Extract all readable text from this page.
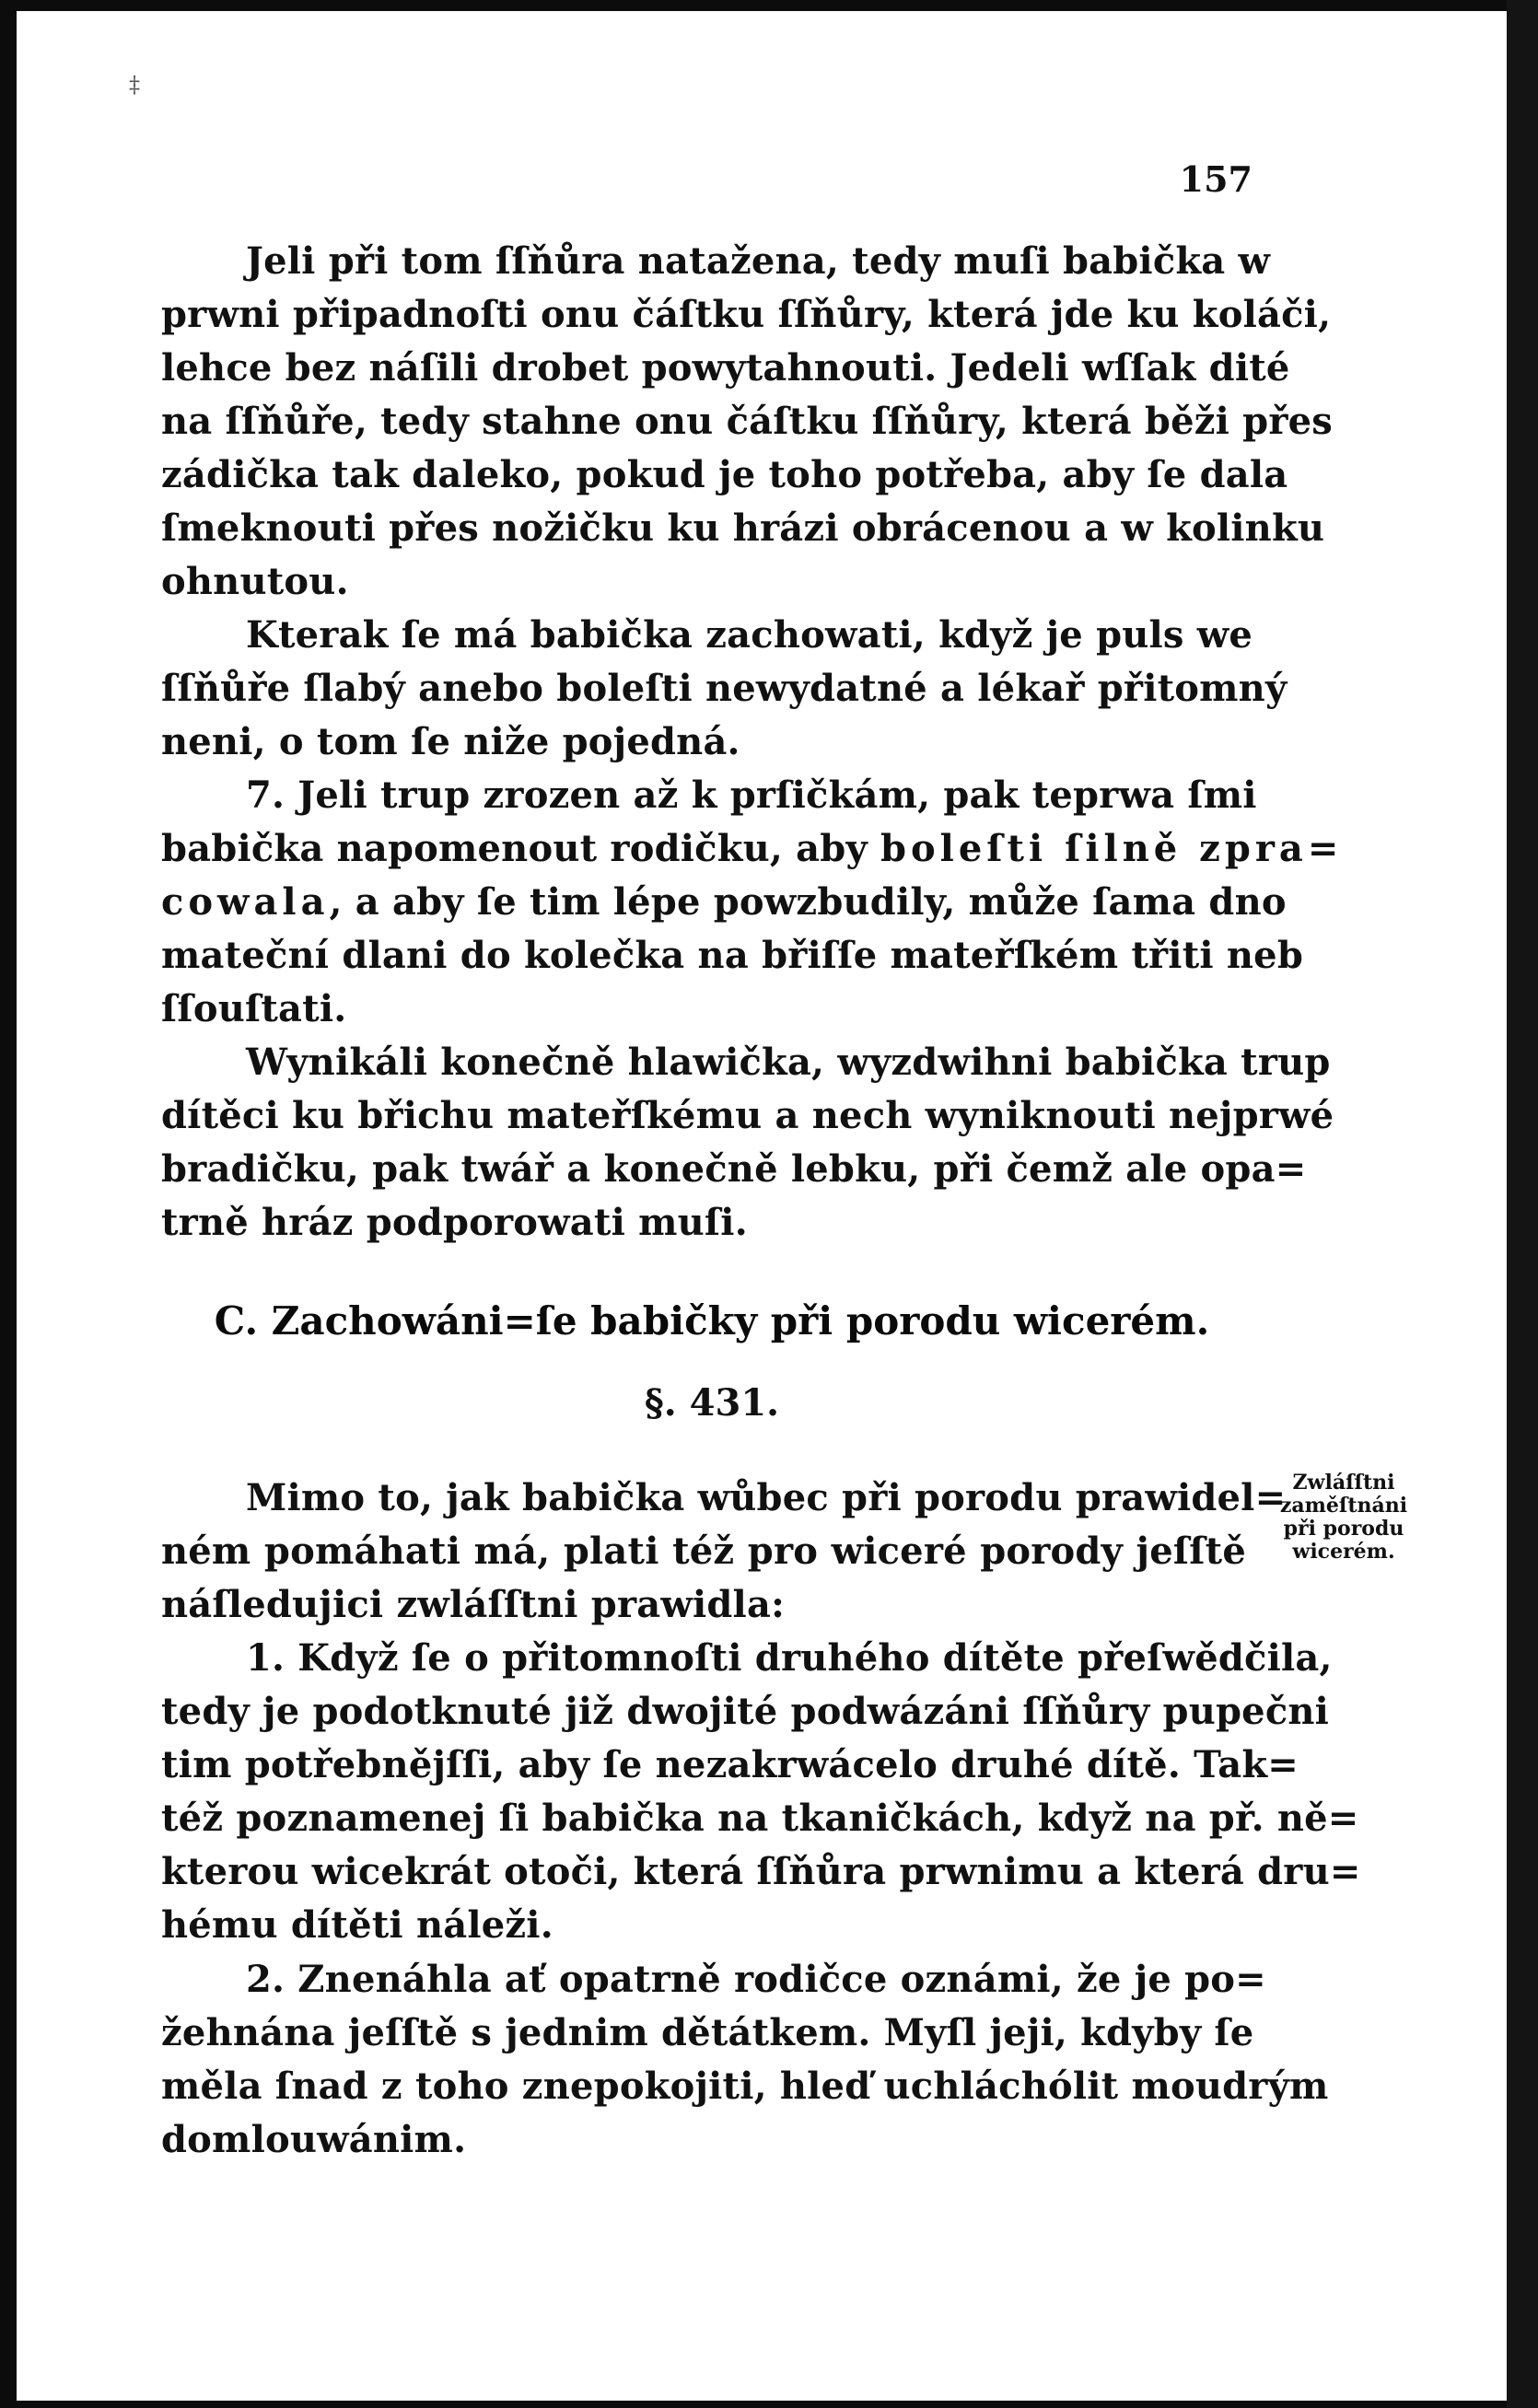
‡
157
Jeli při tom ſſňůra natažena, tedy muſi babička w
prwni připadnoſti onu čáſtku ſſňůry, která jde ku koláči,
lehce bez náſili drobet powytahnouti. Jedeli wſſak dité
na ſſňůře, tedy stahne onu čáſtku ſſňůry, která běži přes
zádička tak daleko, pokud je toho potřeba, aby ſe dala
ſmeknouti přes nožičku ku hrázi obrácenou a w kolinku
ohnutou.
Kterak ſe má babička zachowati, když je puls we
ſſňůře ſlabý anebo boleſti newydatné a lékař přitomný
neni, o tom ſe niže pojedná.
7. Jeli trup zrozen až k prſičkám, pak teprwa ſmi
babička napomenout rodičku, aby boleſti ſilně zpra=
cowala, a aby ſe tim lépe powzbudily, může ſama dno
mateční dlani do kolečka na břiſſe mateřſkém třiti neb
ſſouſtati.
Wynikáli konečně hlawička, wyzdwihni babička trup
dítěci ku břichu mateřſkému a nech wyniknouti nejprwé
bradičku, pak twář a konečně lebku, při čemž ale opa=
trně hráz podporowati muſi.
Mimo to, jak babička wůbec při porodu prawidel=
ném pomáhati má, plati též pro wiceré porody jeſſtě
náſledujici zwláſſtni prawidla:
1. Když ſe o přitomnoſti druhého dítěte přeſwědčila,
tedy je podotknuté již dwojité podwázáni ſſňůry pupečni
tim potřebnějſſi, aby ſe nezakrwácelo druhé dítě. Tak=
též poznamenej ſi babička na tkaničkách, když na př. ně=
kterou wicekrát otoči, která ſſňůra prwnimu a která dru=
hému dítěti náleži.
2. Znenáhla ať opatrně rodičce oznámi, že je po=
žehnána jeſſtě s jednim dětátkem. Myſl jeji, kdyby ſe
měla ſnad z toho znepokojiti, hleď uchláchólit moudrým
domlouwánim.
C. Zachowáni=ſe babičky při porodu wicerém.
§. 431.
Zwláſſtni
zaměſtnáni
při porodu
wicerém.
